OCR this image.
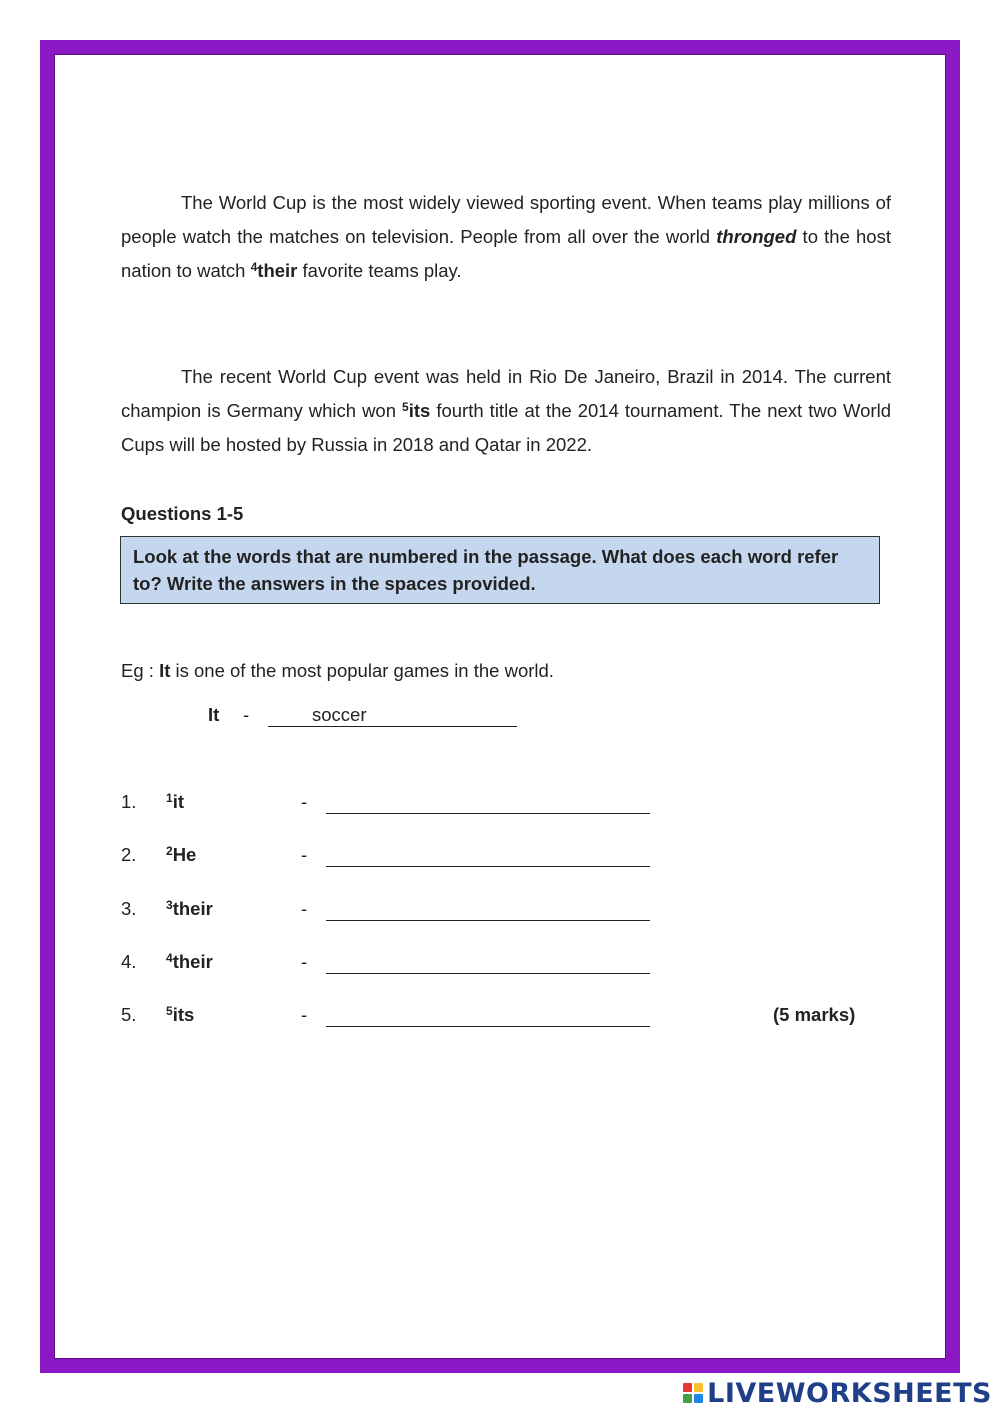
The World Cup is the most widely viewed sporting event. When teams play millions of people watch the matches on television. People from all over the world thronged to the host nation to watch $^4$their favorite teams play.

The recent World Cup event was held in Rio De Janeiro, Brazil in 2014. The current champion is Germany which won $^5$its fourth title at the 2014 tournament. The next two World Cups will be hosted by Russia in 2018 and Qatar in 2022.

Questions 1-5
Look at the words that are numbered in the passage. What does each word refer to? Write the answers in the spaces provided.
Eg : It is one of the most popular games in the world.
It -	soccer
1. $^1$it	-
2. $^2$He	-
3. $^3$their	-
4. $^4$their	-
5. $^5$its	-	(5 marks)
LIVEWORKSHEETS
